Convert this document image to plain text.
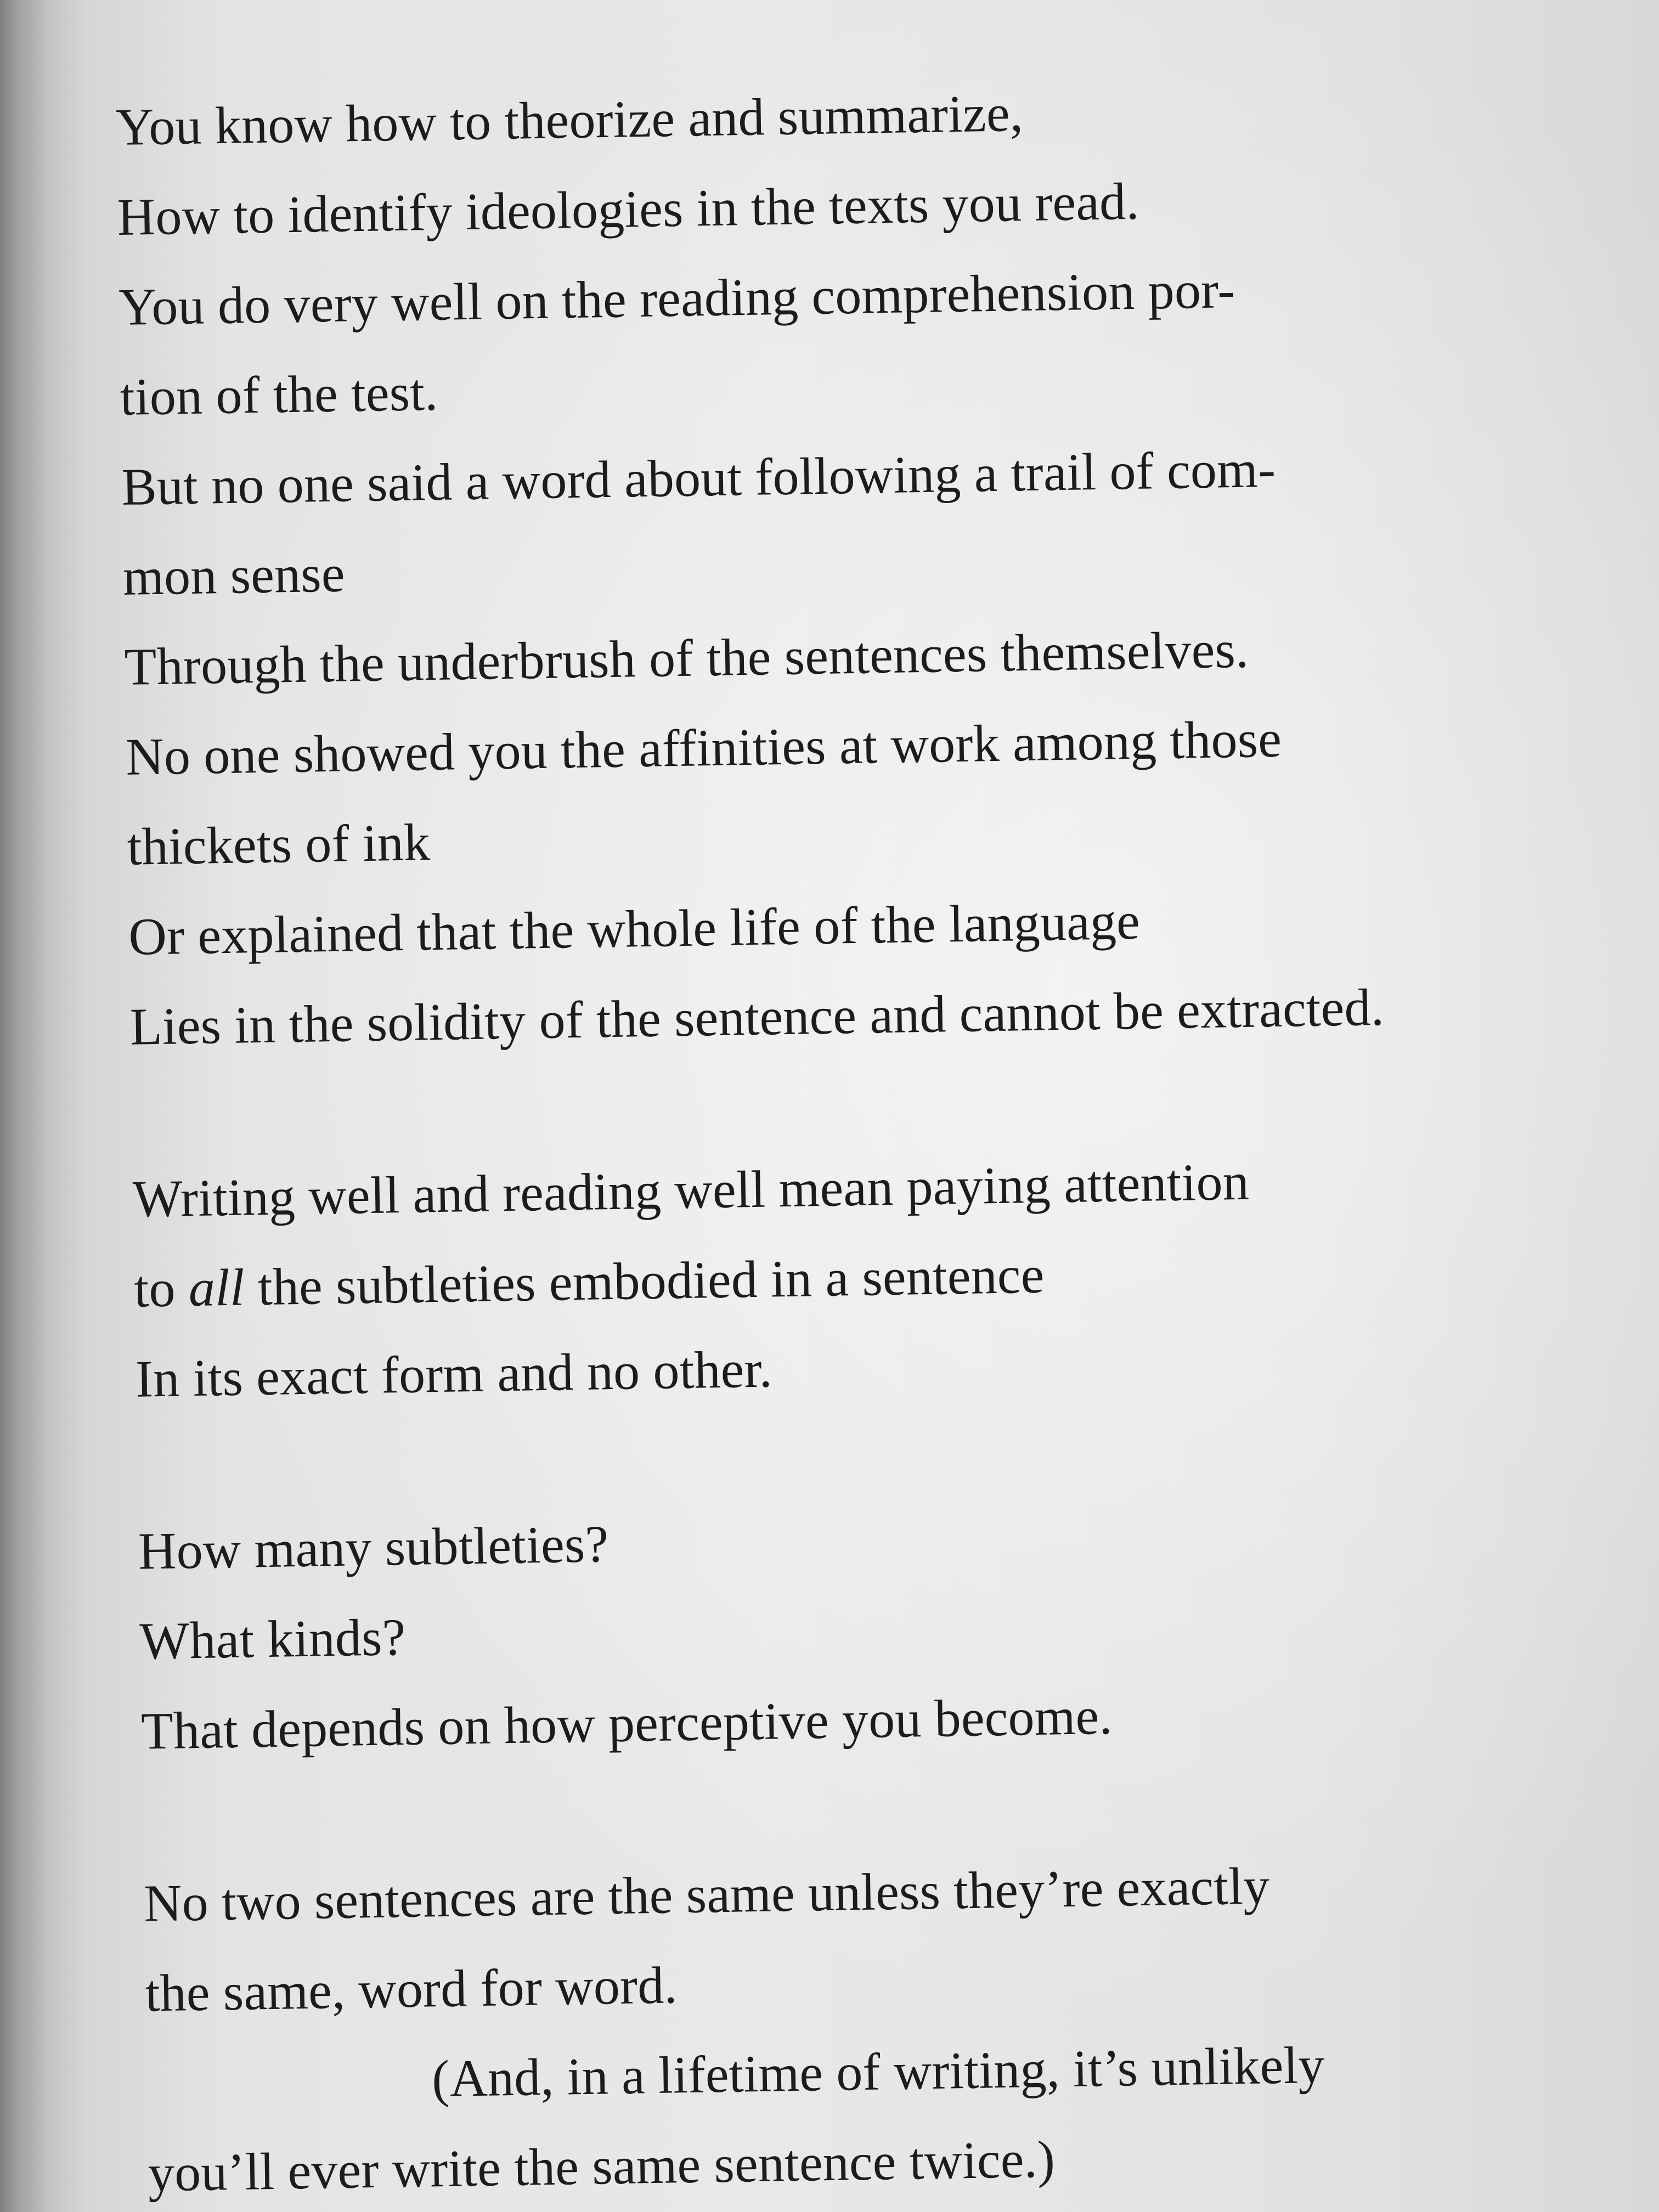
You know how to theorize and summarize,
How to identify ideologies in the texts you read.
You do very well on the reading comprehension por-
tion of the test.
But no one said a word about following a trail of com-
mon sense
Through the underbrush of the sentences themselves.
No one showed you the affinities at work among those
thickets of ink
Or explained that the whole life of the language
Lies in the solidity of the sentence and cannot be extracted.
Writing well and reading well mean paying attention
to all the subtleties embodied in a sentence
In its exact form and no other.
How many subtleties?
What kinds?
That depends on how perceptive you become.
No two sentences are the same unless they’re exactly
the same, word for word.
(And, in a lifetime of writing, it’s unlikely
you’ll ever write the same sentence twice.)
